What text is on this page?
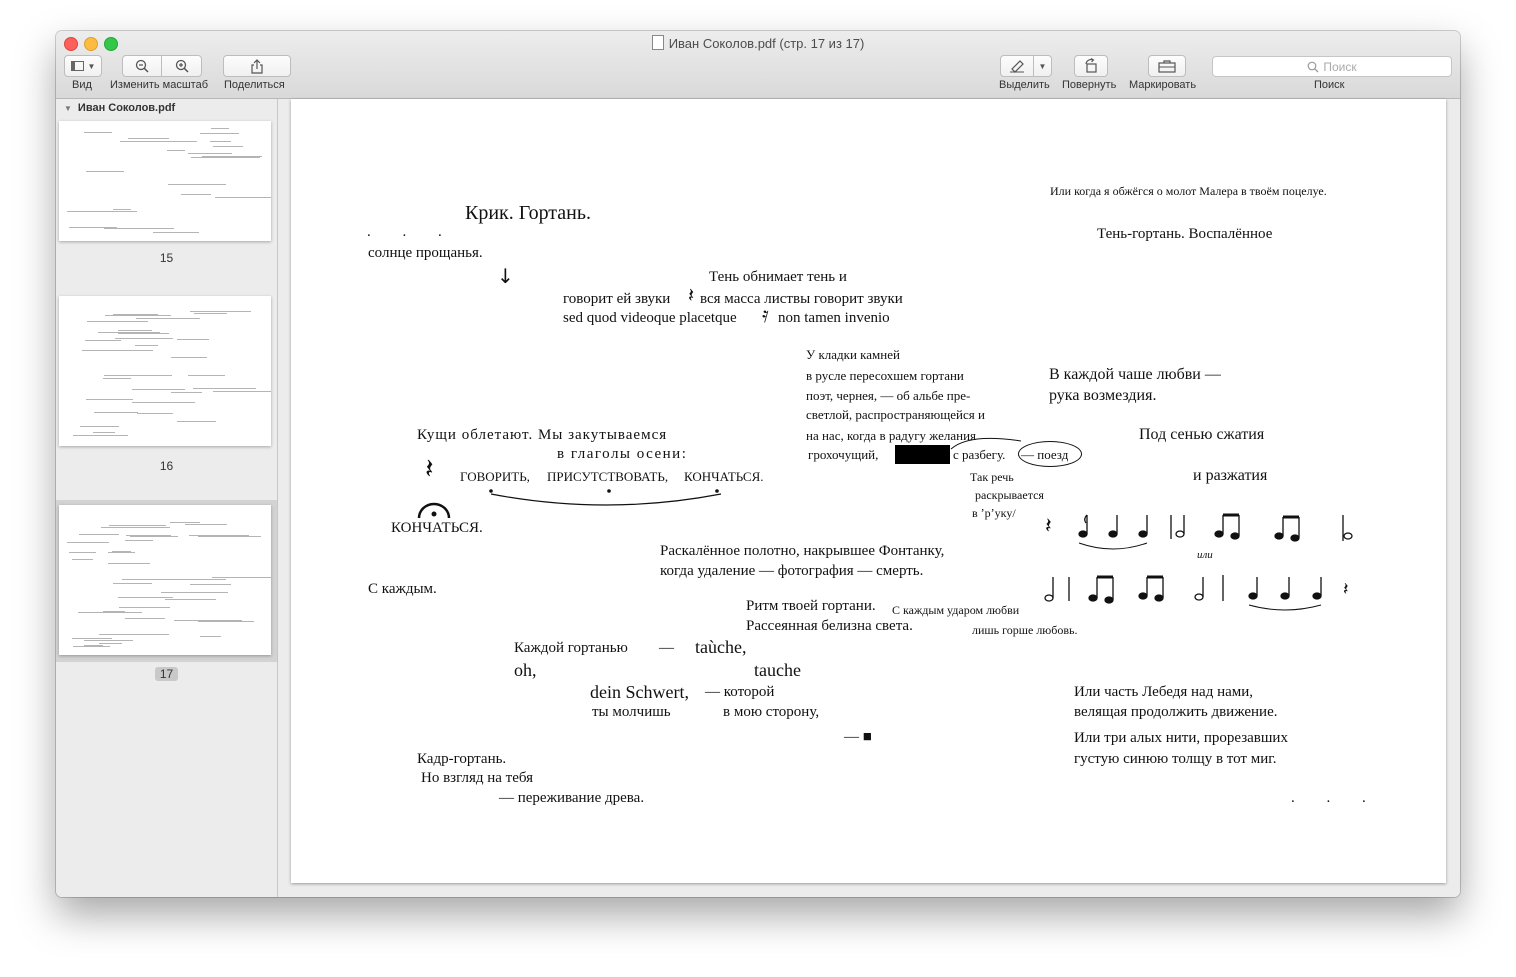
Иван Соколов.pdf (стр. 17 из 17)
▼
Вид Изменить масштаб Поделиться
▼
Выделить Повернуть Маркировать
Поиск
Поиск
▼ Иван Соколов.pdf
15
16
17
Крик. Гортань.
. . .
солнце прощанья.
↓	Тень обнимает тень и
говорит ей звуки 𝄽 вся масса листвы говорит звуки
sed quod videoque placetque 𝄿 non tamen invenio
Кущи облетают. Мы закутываемся
в глаголы осени:
𝄽 ГОВОРИТЬ, ПРИСУТСТВОВАТЬ, КОНЧАТЬСЯ.
КОНЧАТЬСЯ.
С каждым.
Раскалённое полотно, накрывшее Фонтанку,
когда удаление — фотография — смерть.
Ритм твоей гортани.
Рассеянная белизна света.
С каждым ударом любви
лишь горше любовь.
Каждой гортанью — taùche,
oh,	tauche
dein Schwert, — которой
ты молчишь	в мою сторону,
— ■
Кадр-гортань.
Но взгляд на тебя
— переживание древа.
У кладки камней
в русле пересохшем гортани
поэт, чернея, — об альбе пре-
светлой, распространяющейся и
на нас, когда в радугу желания
грохочущий,	с разбегу. — поезд
Так речь
раскрывается
в ʼрʼуку/
Или когда я обжёгся о молот Малера в твоём поцелуе.
Тень-гортань. Воспалённое
В каждой чаше любви —
рука возмездия.
Под сенью сжатия
и разжатия
𝄽
𝄽
или
Или часть Лебедя над нами,
велящая продолжить движение.
Или три алых нити, прорезавших
густую синюю толщу в тот миг.
. . .
